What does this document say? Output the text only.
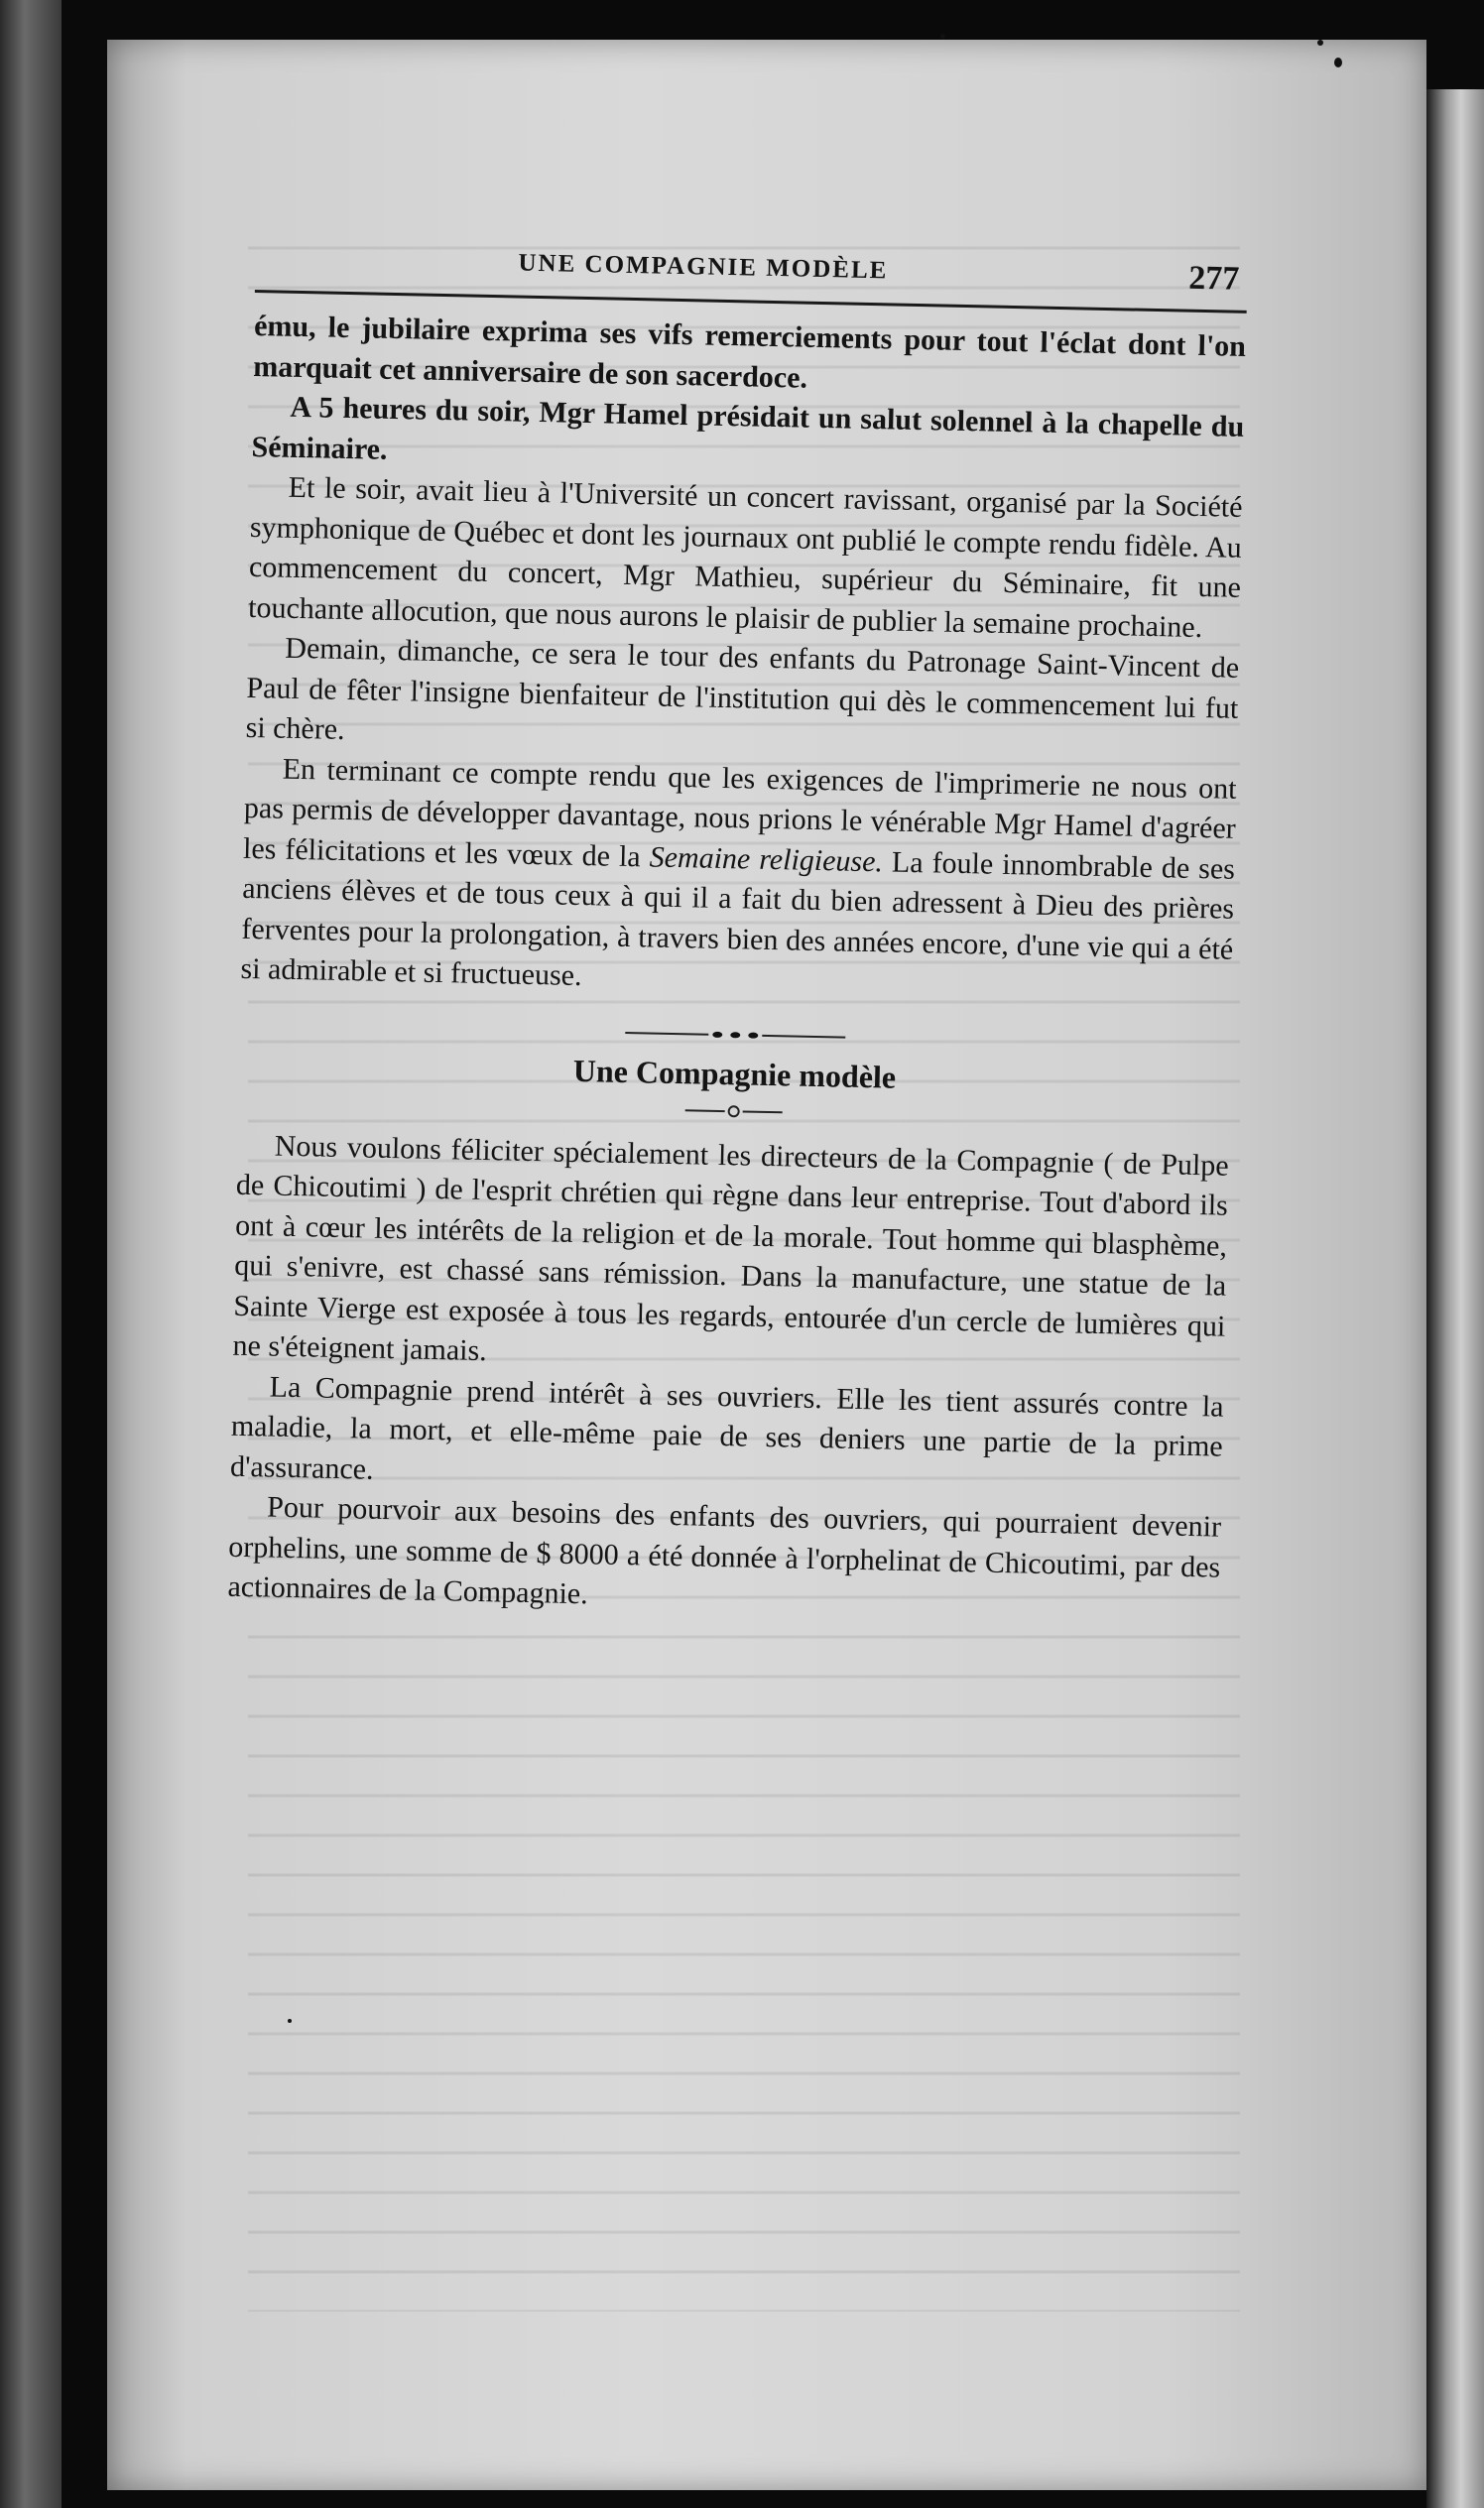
UNE COMPAGNIE MODÈLE	277

ému, le jubilaire exprima ses vifs remerciements pour tout l'éclat dont l'on marquait cet anniversaire de son sacerdoce.

A 5 heures du soir, Mgr Hamel présidait un salut solennel à la chapelle du Séminaire.

Et le soir, avait lieu à l'Université un concert ravissant, organisé par la Société symphonique de Québec et dont les journaux ont publié le compte rendu fidèle. Au commencement du concert, Mgr Mathieu, supérieur du Séminaire, fit une touchante allocution, que nous aurons le plaisir de publier la semaine prochaine.

Demain, dimanche, ce sera le tour des enfants du Patronage Saint-Vincent de Paul de fêter l'insigne bienfaiteur de l'institution qui dès le commencement lui fut si chère.

En terminant ce compte rendu que les exigences de l'imprimerie ne nous ont pas permis de développer davantage, nous prions le vénérable Mgr Hamel d'agréer les félicitations et les vœux de la Semaine religieuse. La foule innombrable de ses anciens élèves et de tous ceux à qui il a fait du bien adressent à Dieu des prières ferventes pour la prolongation, à travers bien des années encore, d'une vie qui a été si admirable et si fructueuse.

Une Compagnie modèle

Nous voulons féliciter spécialement les directeurs de la Compagnie ( de Pulpe de Chicoutimi ) de l'esprit chrétien qui règne dans leur entreprise. Tout d'abord ils ont à cœur les intérêts de la religion et de la morale. Tout homme qui blasphème, qui s'enivre, est chassé sans rémission. Dans la manufacture, une statue de la Sainte Vierge est exposée à tous les regards, entourée d'un cercle de lumières qui ne s'éteignent jamais.

La Compagnie prend intérêt à ses ouvriers. Elle les tient assurés contre la maladie, la mort, et elle-même paie de ses deniers une partie de la prime d'assurance.

Pour pourvoir aux besoins des enfants des ouvriers, qui pourraient devenir orphelins, une somme de $ 8000 a été donnée à l'orphelinat de Chicoutimi, par des actionnaires de la Compagnie.
